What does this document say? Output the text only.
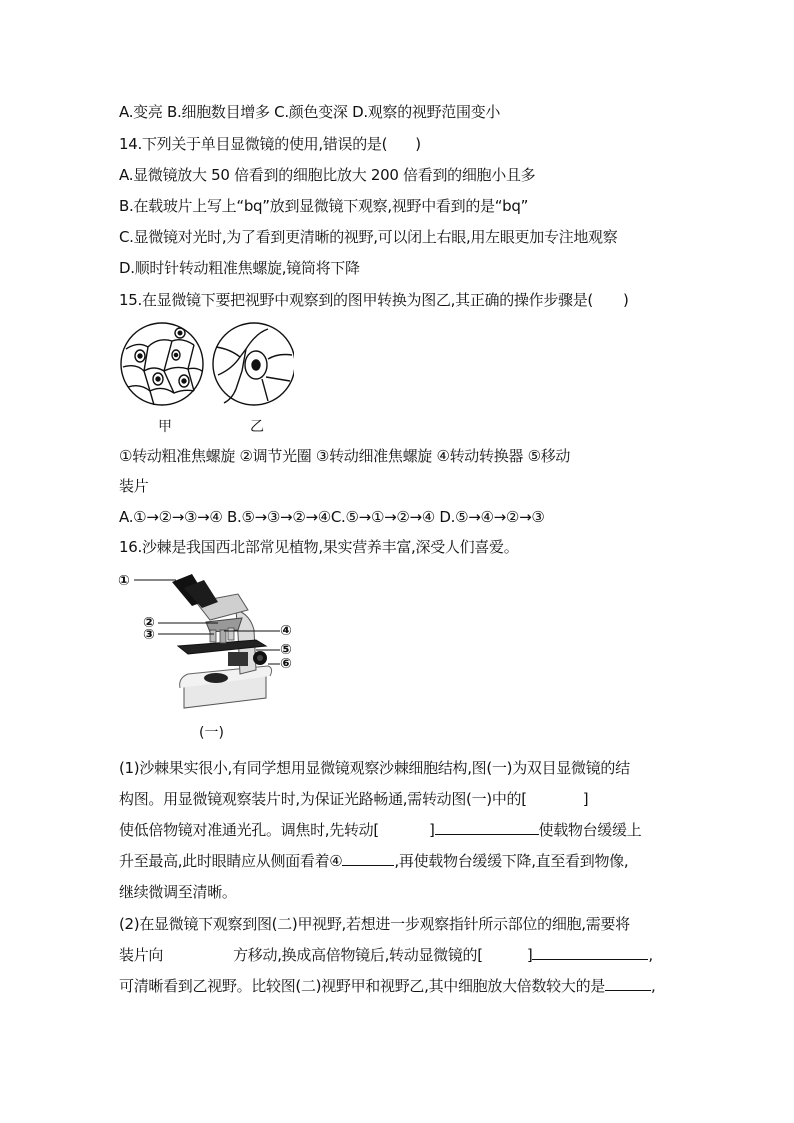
A.变亮 B.细胞数目增多 C.颜色变深 D.观察的视野范围变小
14.下列关于单目显微镜的使用,错误的是( )
A.显微镜放大 50 倍看到的细胞比放大 200 倍看到的细胞小且多
B.在载玻片上写上“bq”放到显微镜下观察,视野中看到的是“bq”
C.显微镜对光时,为了看到更清晰的视野,可以闭上右眼,用左眼更加专注地观察
D.顺时针转动粗准焦螺旋,镜筒将下降
15.在显微镜下要把视野中观察到的图甲转换为图乙,其正确的操作步骤是( )
甲	乙
①转动粗准焦螺旋 ②调节光圈 ③转动细准焦螺旋 ④转动转换器 ⑤移动
装片
A.①→②→③→④ B.⑤→③→②→④C.⑤→①→②→④ D.⑤→④→②→③
16.沙棘是我国西北部常见植物,果实营养丰富,深受人们喜爱。
①
②
③	④
⑤
⑥
(一)
(1)沙棘果实很小,有同学想用显微镜观察沙棘细胞结构,图(一)为双目显微镜的结
构图。用显微镜观察装片时,为保证光路畅通,需转动图(一)中的[	]
使低倍物镜对准通光孔。调焦时,先转动[	]	使载物台缓缓上
升至最高,此时眼睛应从侧面看着④	,再使载物台缓缓下降,直至看到物像,
继续微调至清晰。
(2)在显微镜下观察到图(二)甲视野,若想进一步观察指针所示部位的细胞,需要将
装片向	方移动,换成高倍物镜后,转动显微镜的[	]	,
可清晰看到乙视野。比较图(二)视野甲和视野乙,其中细胞放大倍数较大的是	,
